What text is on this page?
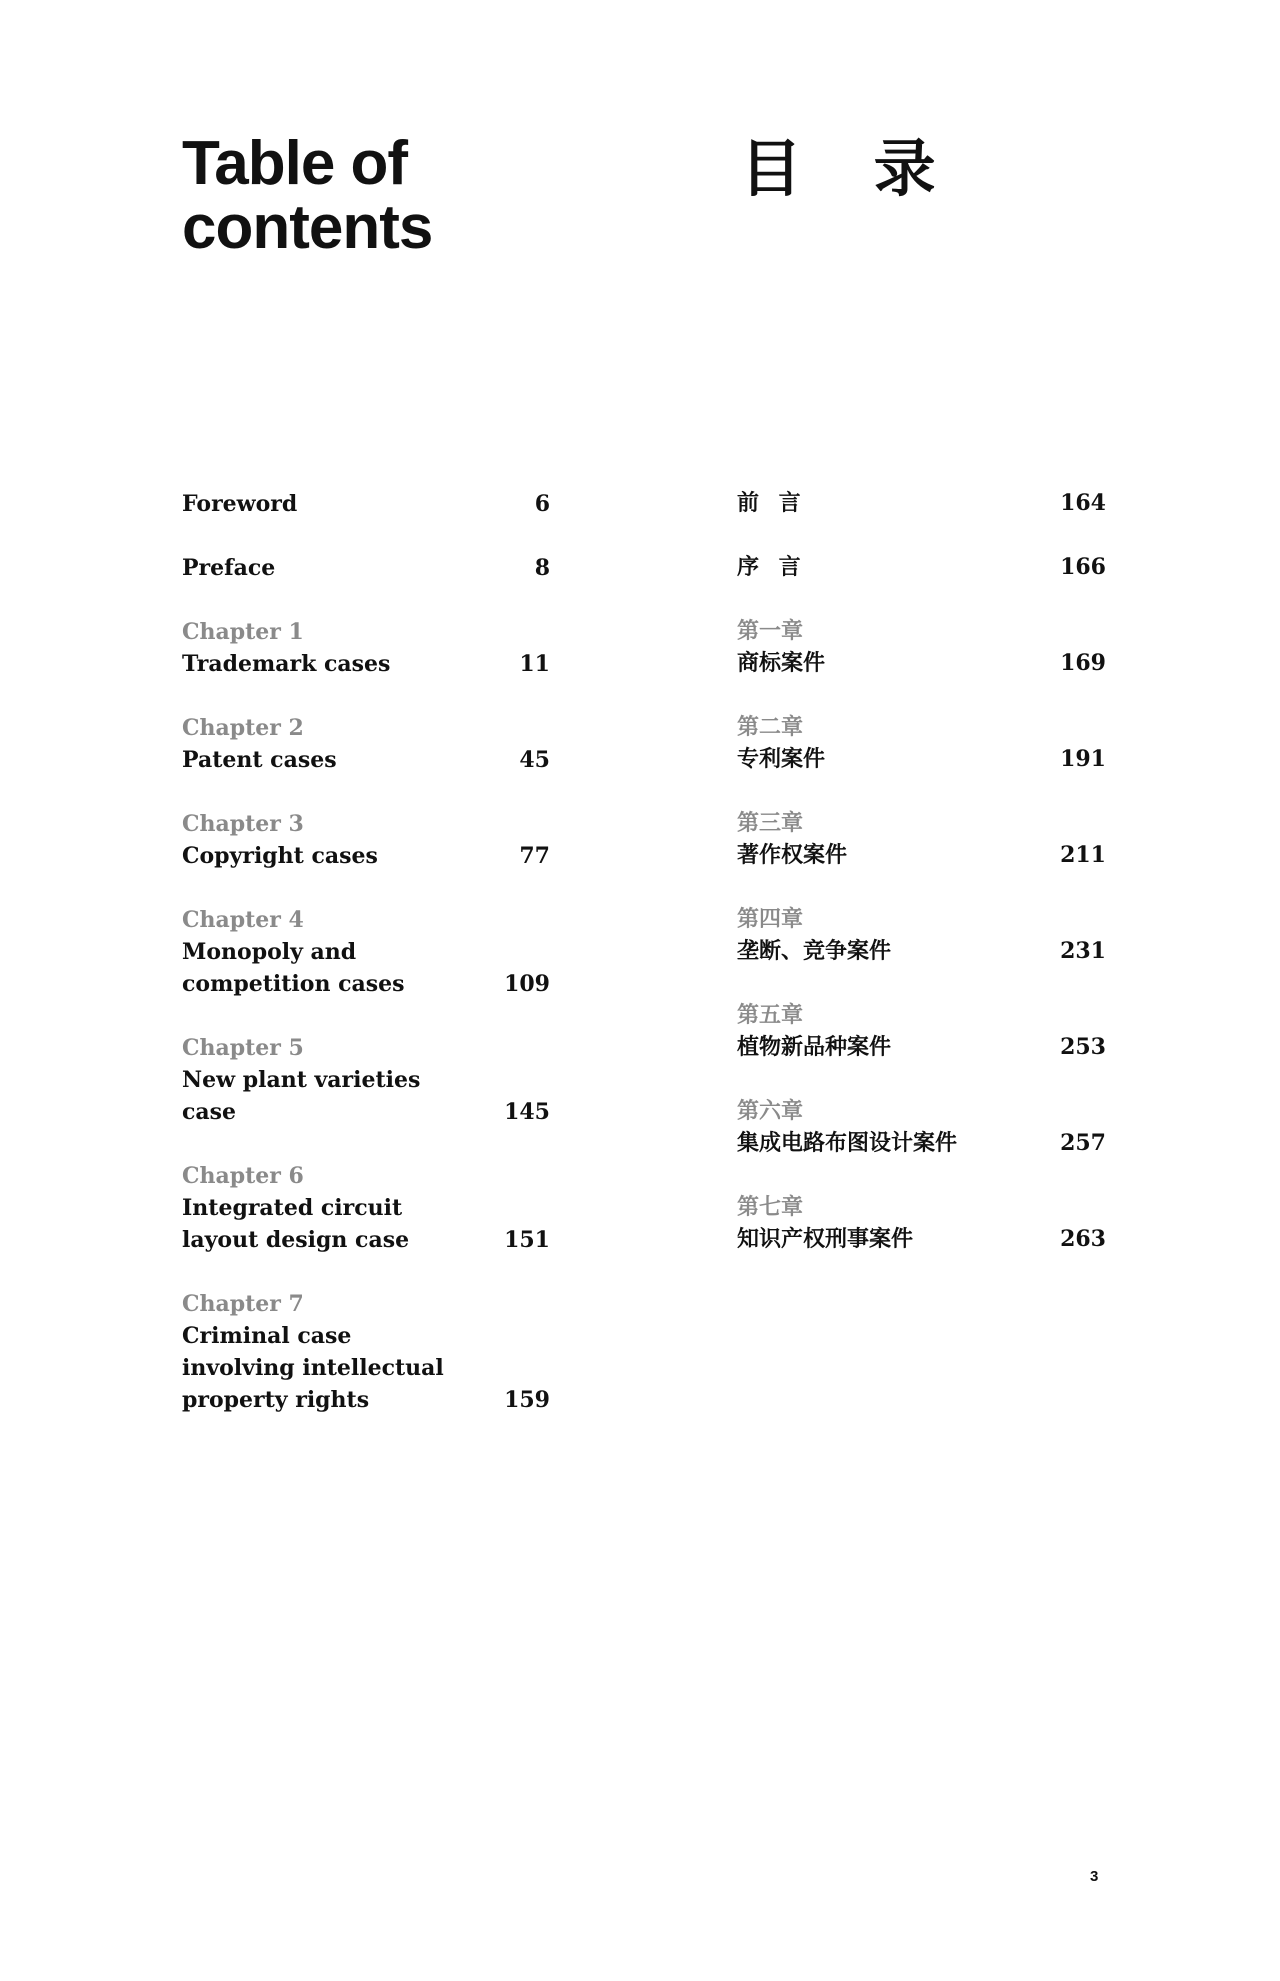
Table of
contents
目 录
Foreword	6
Preface	8
Chapter 1
Trademark cases	11
Chapter 2
Patent cases	45
Chapter 3
Copyright cases	77
Chapter 4
Monopoly and competition cases	109
Chapter 5
New plant varieties case	145
Chapter 6
Integrated circuit layout design case	151
Chapter 7
Criminal case involving intellectual property rights	159
前 言	164
序 言	166
第一章
商标案件	169
第二章
专利案件	191
第三章
著作权案件	211
第四章
垄断、竞争案件	231
第五章
植物新品种案件	253
第六章
集成电路布图设计案件	257
第七章
知识产权刑事案件	263
3
